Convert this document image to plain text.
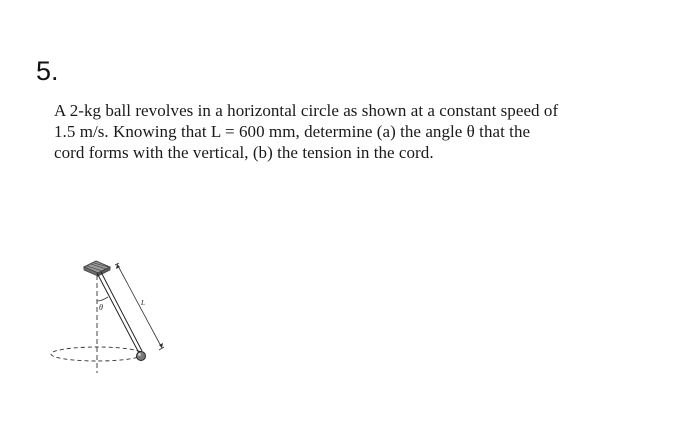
5.
A 2-kg ball revolves in a horizontal circle as shown at a constant speed of
1.5 m/s. Knowing that L = 600 mm, determine (a) the angle θ that the
cord forms with the vertical, (b) the tension in the cord.
θ	L
